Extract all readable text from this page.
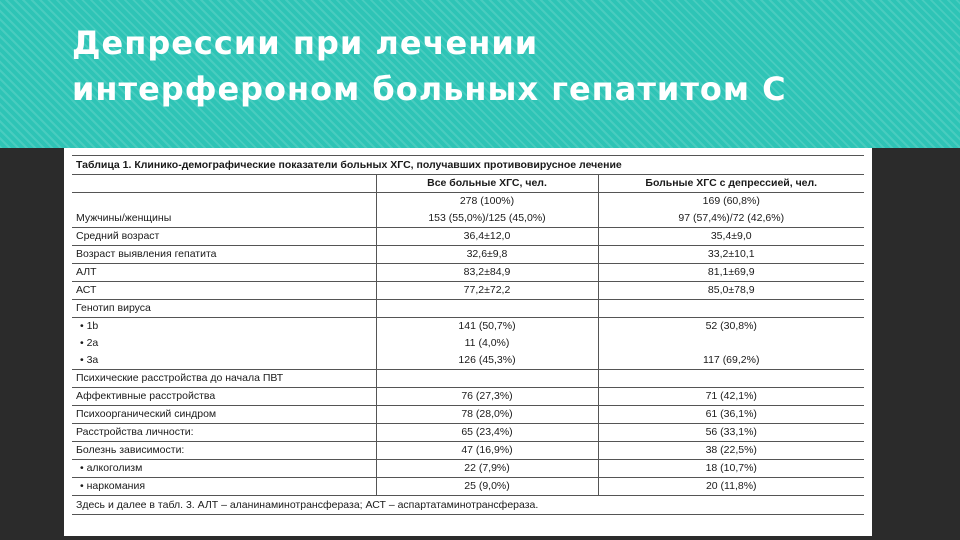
Депрессии при лечении
интерфероном больных гепатитом С
Таблица 1. Клинико-демографические показатели больных ХГС, получавших противовирусное лечение
	Все больные ХГС, чел.	Больные ХГС с депрессией, чел.
	278 (100%)	169 (60,8%)
Мужчины/женщины	153 (55,0%)/125 (45,0%)	97 (57,4%)/72 (42,6%)
Средний возраст	36,4±12,0	35,4±9,0
Возраст выявления гепатита	32,6±9,8	33,2±10,1
АЛТ	83,2±84,9	81,1±69,9
АСТ	77,2±72,2	85,0±78,9
Генотип вируса		
• 1b	141 (50,7%)	52 (30,8%)
• 2a	11 (4,0%)	
• 3a	126 (45,3%)	117 (69,2%)
Психические расстройства до начала ПВТ		
Аффективные расстройства	76 (27,3%)	71 (42,1%)
Психоорганический синдром	78 (28,0%)	61 (36,1%)
Расстройства личности:	65 (23,4%)	56 (33,1%)
Болезнь зависимости:	47 (16,9%)	38 (22,5%)
• алкоголизм	22 (7,9%)	18 (10,7%)
• наркомания	25 (9,0%)	20 (11,8%)
Здесь и далее в табл. 3. АЛТ – аланинаминотрансфераза; АСТ – аспартатаминотрансфераза.
